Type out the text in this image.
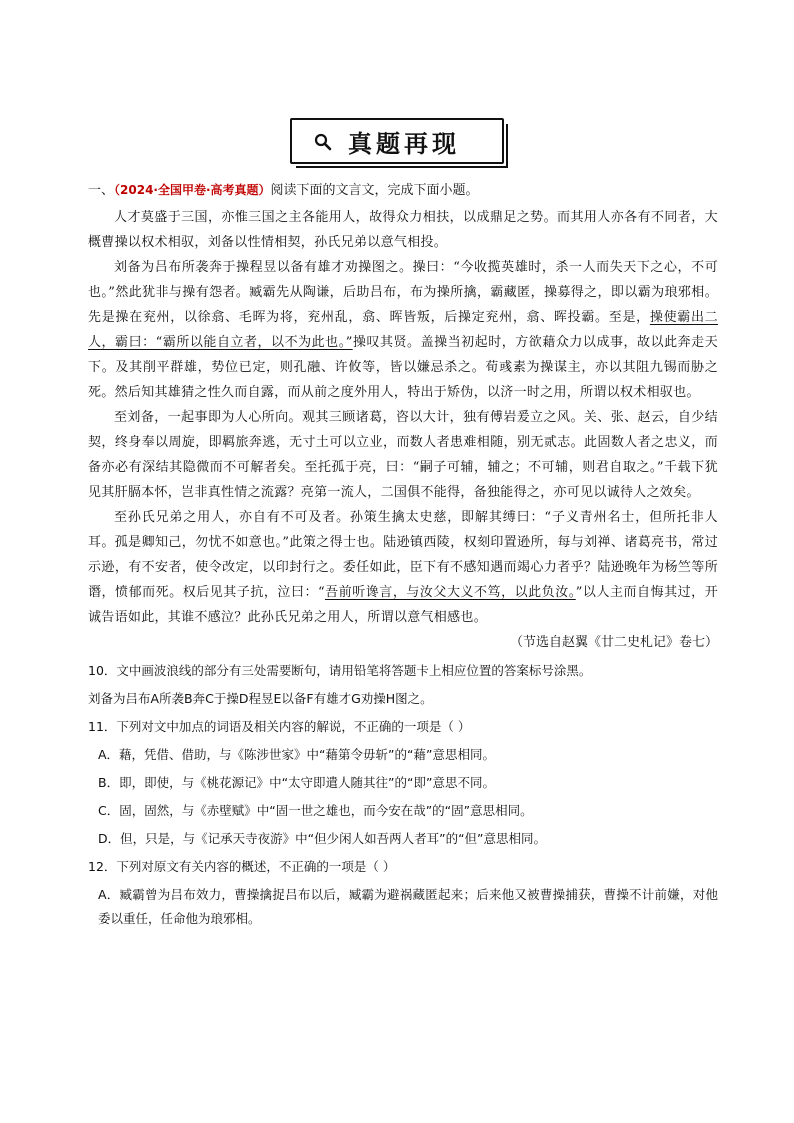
真题再现

一、（2024·全国甲卷·高考真题）阅读下面的文言文，完成下面小题。

人才莫盛于三国，亦惟三国之主各能用人，故得众力相扶，以成鼎足之势。而其用人亦各有不同者，大概曹操以权术相驭，刘备以性情相契，孙氏兄弟以意气相投。

刘备为吕布所袭奔于操程昱以备有雄才劝操图之。操曰：“今收揽英雄时，杀一人而失天下之心，不可也。”然此犹非与操有怨者。臧霸先从陶谦，后助吕布，布为操所擒，霸藏匿，操募得之，即以霸为琅邪相。先是操在兖州，以徐翕、毛晖为将，兖州乱，翕、晖皆叛，后操定兖州，翕、晖投霸。至是，操使霸出二人，霸曰：“霸所以能自立者，以不为此也。”操叹其贤。盖操当初起时，方欲藉众力以成事，故以此奔走天下。及其削平群雄，势位已定，则孔融、许攸等，皆以嫌忌杀之。荀彧素为操谋主，亦以其阻九锡而胁之死。然后知其雄猜之性久而自露，而从前之度外用人，特出于矫伪，以济一时之用，所谓以权术相驭也。

至刘备，一起事即为人心所向。观其三顾诸葛，咨以大计，独有傅岩爰立之风。关、张、赵云，自少结契，终身奉以周旋，即羁旅奔逃，无寸土可以立业，而数人者患难相随，别无贰志。此固数人者之忠义，而备亦必有深结其隐微而不可解者矣。至托孤于亮，曰：“嗣子可辅，辅之；不可辅，则君自取之。”千载下犹见其肝膈本怀，岂非真性情之流露？亮第一流人，二国俱不能得，备独能得之，亦可见以诚待人之效矣。

至孙氏兄弟之用人，亦自有不可及者。孙策生擒太史慈，即解其缚曰：“子义青州名士，但所托非人耳。孤是卿知己，勿忧不如意也。”此策之得士也。陆逊镇西陵，权刻印置逊所，每与刘禅、诸葛亮书，常过示逊，有不安者，使令改定，以印封行之。委任如此，臣下有不感知遇而竭心力者乎？陆逊晚年为杨竺等所谮，愤郁而死。权后见其子抗，泣曰：“吾前听谗言，与汝父大义不笃，以此负汝。”以人主而自悔其过，开诚告语如此，其谁不感泣？此孙氏兄弟之用人，所谓以意气相感也。

（节选自赵翼《廿二史札记》卷七）

10．文中画波浪线的部分有三处需要断句，请用铅笔将答题卡上相应位置的答案标号涂黑。

刘备为吕布A所袭B奔C于操D程昱E以备F有雄才G劝操H图之。

11．下列对文中加点的词语及相关内容的解说，不正确的一项是（ ）

A．藉，凭借、借助，与《陈涉世家》中“藉第令毋斩”的“藉”意思相同。

B．即，即使，与《桃花源记》中“太守即遣人随其往”的“即”意思不同。

C．固，固然，与《赤壁赋》中“固一世之雄也，而今安在哉”的“固”意思相同。

D．但，只是，与《记承天寺夜游》中“但少闲人如吾两人者耳”的“但”意思相同。

12．下列对原文有关内容的概述，不正确的一项是（ ）

A．臧霸曾为吕布效力，曹操擒捉吕布以后，臧霸为避祸藏匿起来；后来他又被曹操捕获，曹操不计前嫌，对他委以重任，任命他为琅邪相。
